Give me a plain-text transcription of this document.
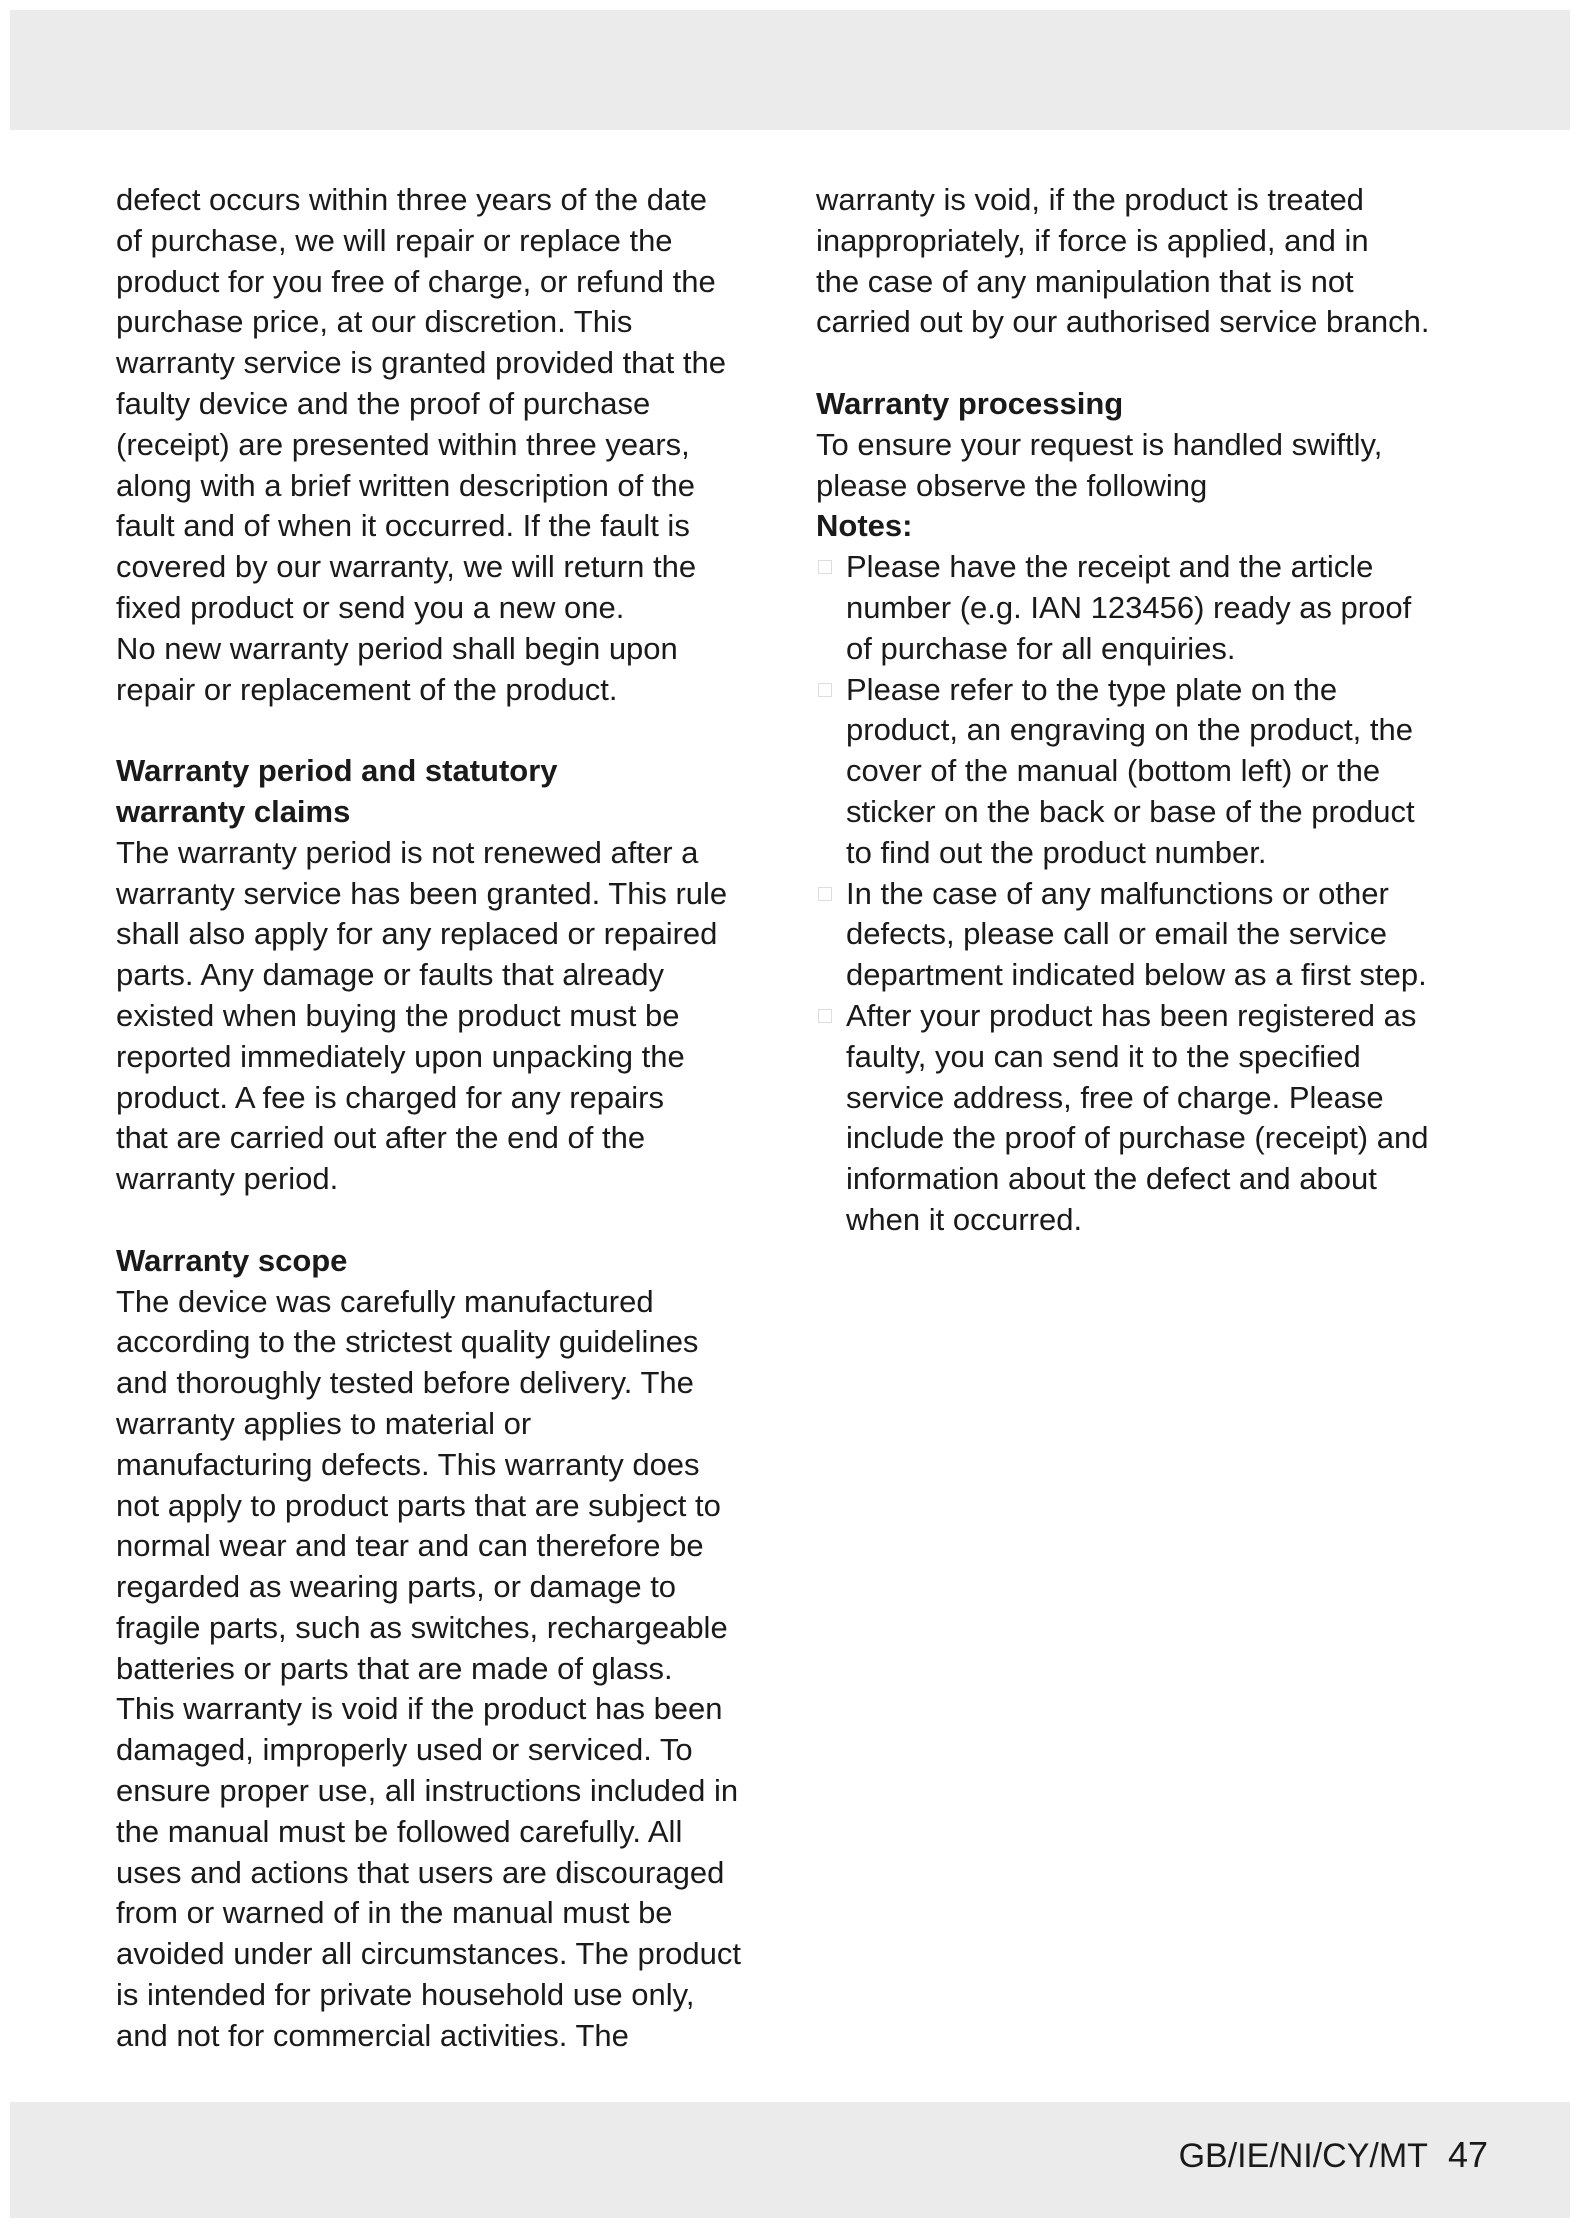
defect occurs within three years of the date
of purchase, we will repair or replace the
product for you free of charge, or refund the
purchase price, at our discretion. This
warranty service is granted provided that the
faulty device and the proof of purchase
(receipt) are presented within three years,
along with a brief written description of the
fault and of when it occurred. If the fault is
covered by our warranty, we will return the
fixed product or send you a new one.
No new warranty period shall begin upon
repair or replacement of the product.

Warranty period and statutory
warranty claims

The warranty period is not renewed after a
warranty service has been granted. This rule
shall also apply for any replaced or repaired
parts. Any damage or faults that already
existed when buying the product must be
reported immediately upon unpacking the
product. A fee is charged for any repairs
that are carried out after the end of the
warranty period.

Warranty scope

The device was carefully manufactured
according to the strictest quality guidelines
and thoroughly tested before delivery. The
warranty applies to material or
manufacturing defects. This warranty does
not apply to product parts that are subject to
normal wear and tear and can therefore be
regarded as wearing parts, or damage to
fragile parts, such as switches, rechargeable
batteries or parts that are made of glass.
This warranty is void if the product has been
damaged, improperly used or serviced. To
ensure proper use, all instructions included in
the manual must be followed carefully. All
uses and actions that users are discouraged
from or warned of in the manual must be
avoided under all circumstances. The product
is intended for private household use only,
and not for commercial activities. The

warranty is void, if the product is treated
inappropriately, if force is applied, and in
the case of any manipulation that is not
carried out by our authorised service branch.

Warranty processing

To ensure your request is handled swiftly,
please observe the following

Notes:

Please have the receipt and the article
number (e.g. IAN 123456) ready as proof
of purchase for all enquiries.
Please refer to the type plate on the
product, an engraving on the product, the
cover of the manual (bottom left) or the
sticker on the back or base of the product
to find out the product number.
In the case of any malfunctions or other
defects, please call or email the service
department indicated below as a first step.
After your product has been registered as
faulty, you can send it to the specified
service address, free of charge. Please
include the proof of purchase (receipt) and
information about the defect and about
when it occurred.
GB/IE/NI/CY/MT 47
